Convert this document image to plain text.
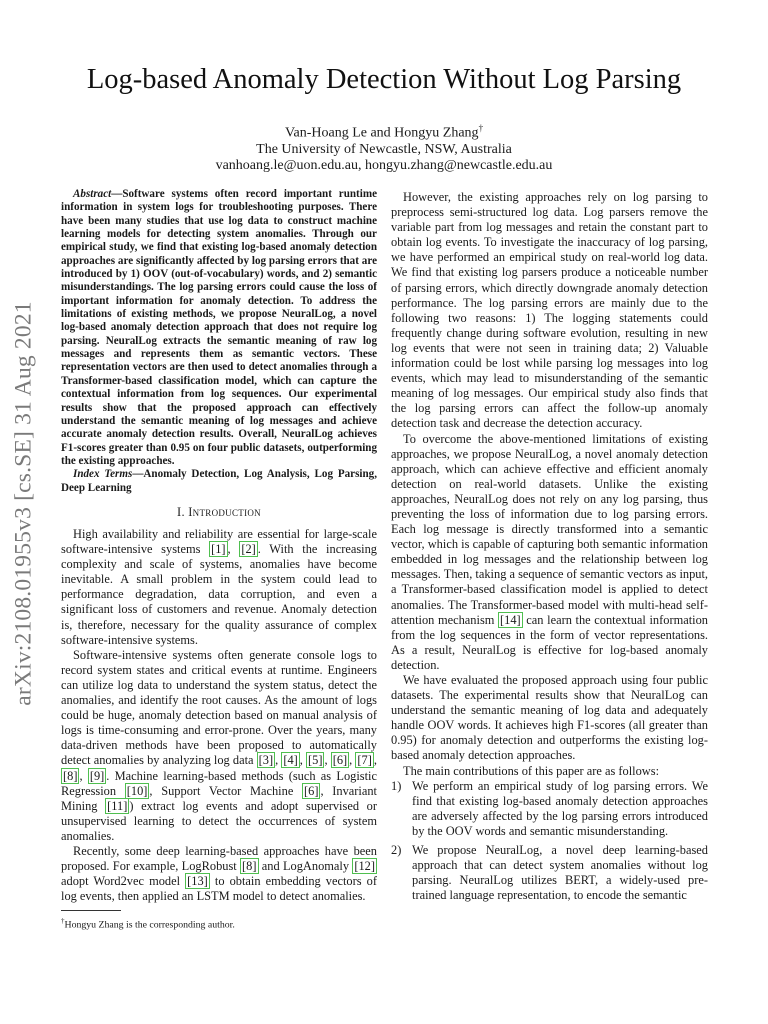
arXiv:2108.01955v3 [cs.SE] 31 Aug 2021
Log-based Anomaly Detection Without Log Parsing
Van-Hoang Le and Hongyu Zhang†
The University of Newcastle, NSW, Australia
vanhoang.le@uon.edu.au, hongyu.zhang@newcastle.edu.au

Abstract—Software systems often record important runtime information in system logs for troubleshooting purposes. There have been many studies that use log data to construct machine learning models for detecting system anomalies. Through our empirical study, we find that existing log-based anomaly detection approaches are significantly affected by log parsing errors that are introduced by 1) OOV (out-of-vocabulary) words, and 2) semantic misunderstandings. The log parsing errors could cause the loss of important information for anomaly detection. To address the limitations of existing methods, we propose NeuralLog, a novel log-based anomaly detection approach that does not require log parsing. NeuralLog extracts the semantic meaning of raw log messages and represents them as semantic vectors. These representation vectors are then used to detect anomalies through a Transformer-based classification model, which can capture the contextual information from log sequences. Our experimental results show that the proposed approach can effectively understand the semantic meaning of log messages and achieve accurate anomaly detection results. Overall, NeuralLog achieves F1-scores greater than 0.95 on four public datasets, outperforming the existing approaches.

Index Terms—Anomaly Detection, Log Analysis, Log Parsing, Deep Learning

I. Introduction

High availability and reliability are essential for large-scale software-intensive systems [1] , [2] . With the increasing complexity and scale of systems, anomalies have become inevitable. A small problem in the system could lead to performance degradation, data corruption, and even a significant loss of customers and revenue. Anomaly detection is, therefore, necessary for the quality assurance of complex software-intensive systems.

Software-intensive systems often generate console logs to record system states and critical events at runtime. Engineers can utilize log data to understand the system status, detect the anomalies, and identify the root causes. As the amount of logs could be huge, anomaly detection based on manual analysis of logs is time-consuming and error-prone. Over the years, many data-driven methods have been proposed to automatically detect anomalies by analyzing log data [3] , [4] , [5] , [6] , [7] , [8] , [9] . Machine learning-based methods (such as Logistic Regression [10] , Support Vector Machine [6] , Invariant Mining [11] ) extract log events and adopt supervised or unsupervised learning to detect the occurrences of system anomalies.

Recently, some deep learning-based approaches have been proposed. For example, LogRobust [8] and LogAnomaly [12] adopt Word2vec model [13] to obtain embedding vectors of log events, then applied an LSTM model to detect anomalies.

†Hongyu Zhang is the corresponding author.

However, the existing approaches rely on log parsing to preprocess semi-structured log data. Log parsers remove the variable part from log messages and retain the constant part to obtain log events. To investigate the inaccuracy of log parsing, we have performed an empirical study on real-world log data. We find that existing log parsers produce a noticeable number of parsing errors, which directly downgrade anomaly detection performance. The log parsing errors are mainly due to the following two reasons: 1) The logging statements could frequently change during software evolution, resulting in new log events that were not seen in training data; 2) Valuable information could be lost while parsing log messages into log events, which may lead to misunderstanding of the semantic meaning of log messages. Our empirical study also finds that the log parsing errors can affect the follow-up anomaly detection task and decrease the detection accuracy.

To overcome the above-mentioned limitations of existing approaches, we propose NeuralLog, a novel anomaly detection approach, which can achieve effective and efficient anomaly detection on real-world datasets. Unlike the existing approaches, NeuralLog does not rely on any log parsing, thus preventing the loss of information due to log parsing errors. Each log message is directly transformed into a semantic vector, which is capable of capturing both semantic information embedded in log messages and the relationship between log messages. Then, taking a sequence of semantic vectors as input, a Transformer-based classification model is applied to detect anomalies. The Transformer-based model with multi-head self-attention mechanism [14] can learn the contextual information from the log sequences in the form of vector representations. As a result, NeuralLog is effective for log-based anomaly detection.

We have evaluated the proposed approach using four public datasets. The experimental results show that NeuralLog can understand the semantic meaning of log data and adequately handle OOV words. It achieves high F1-scores (all greater than 0.95) for anomaly detection and outperforms the existing log-based anomaly detection approaches.

The main contributions of this paper are as follows:

1) We perform an empirical study of log parsing errors. We find that existing log-based anomaly detection approaches are adversely affected by the log parsing errors introduced by the OOV words and semantic misunderstanding.
2) We propose NeuralLog, a novel deep learning-based approach that can detect system anomalies without log parsing. NeuralLog utilizes BERT, a widely-used pre-trained language representation, to encode the semantic
